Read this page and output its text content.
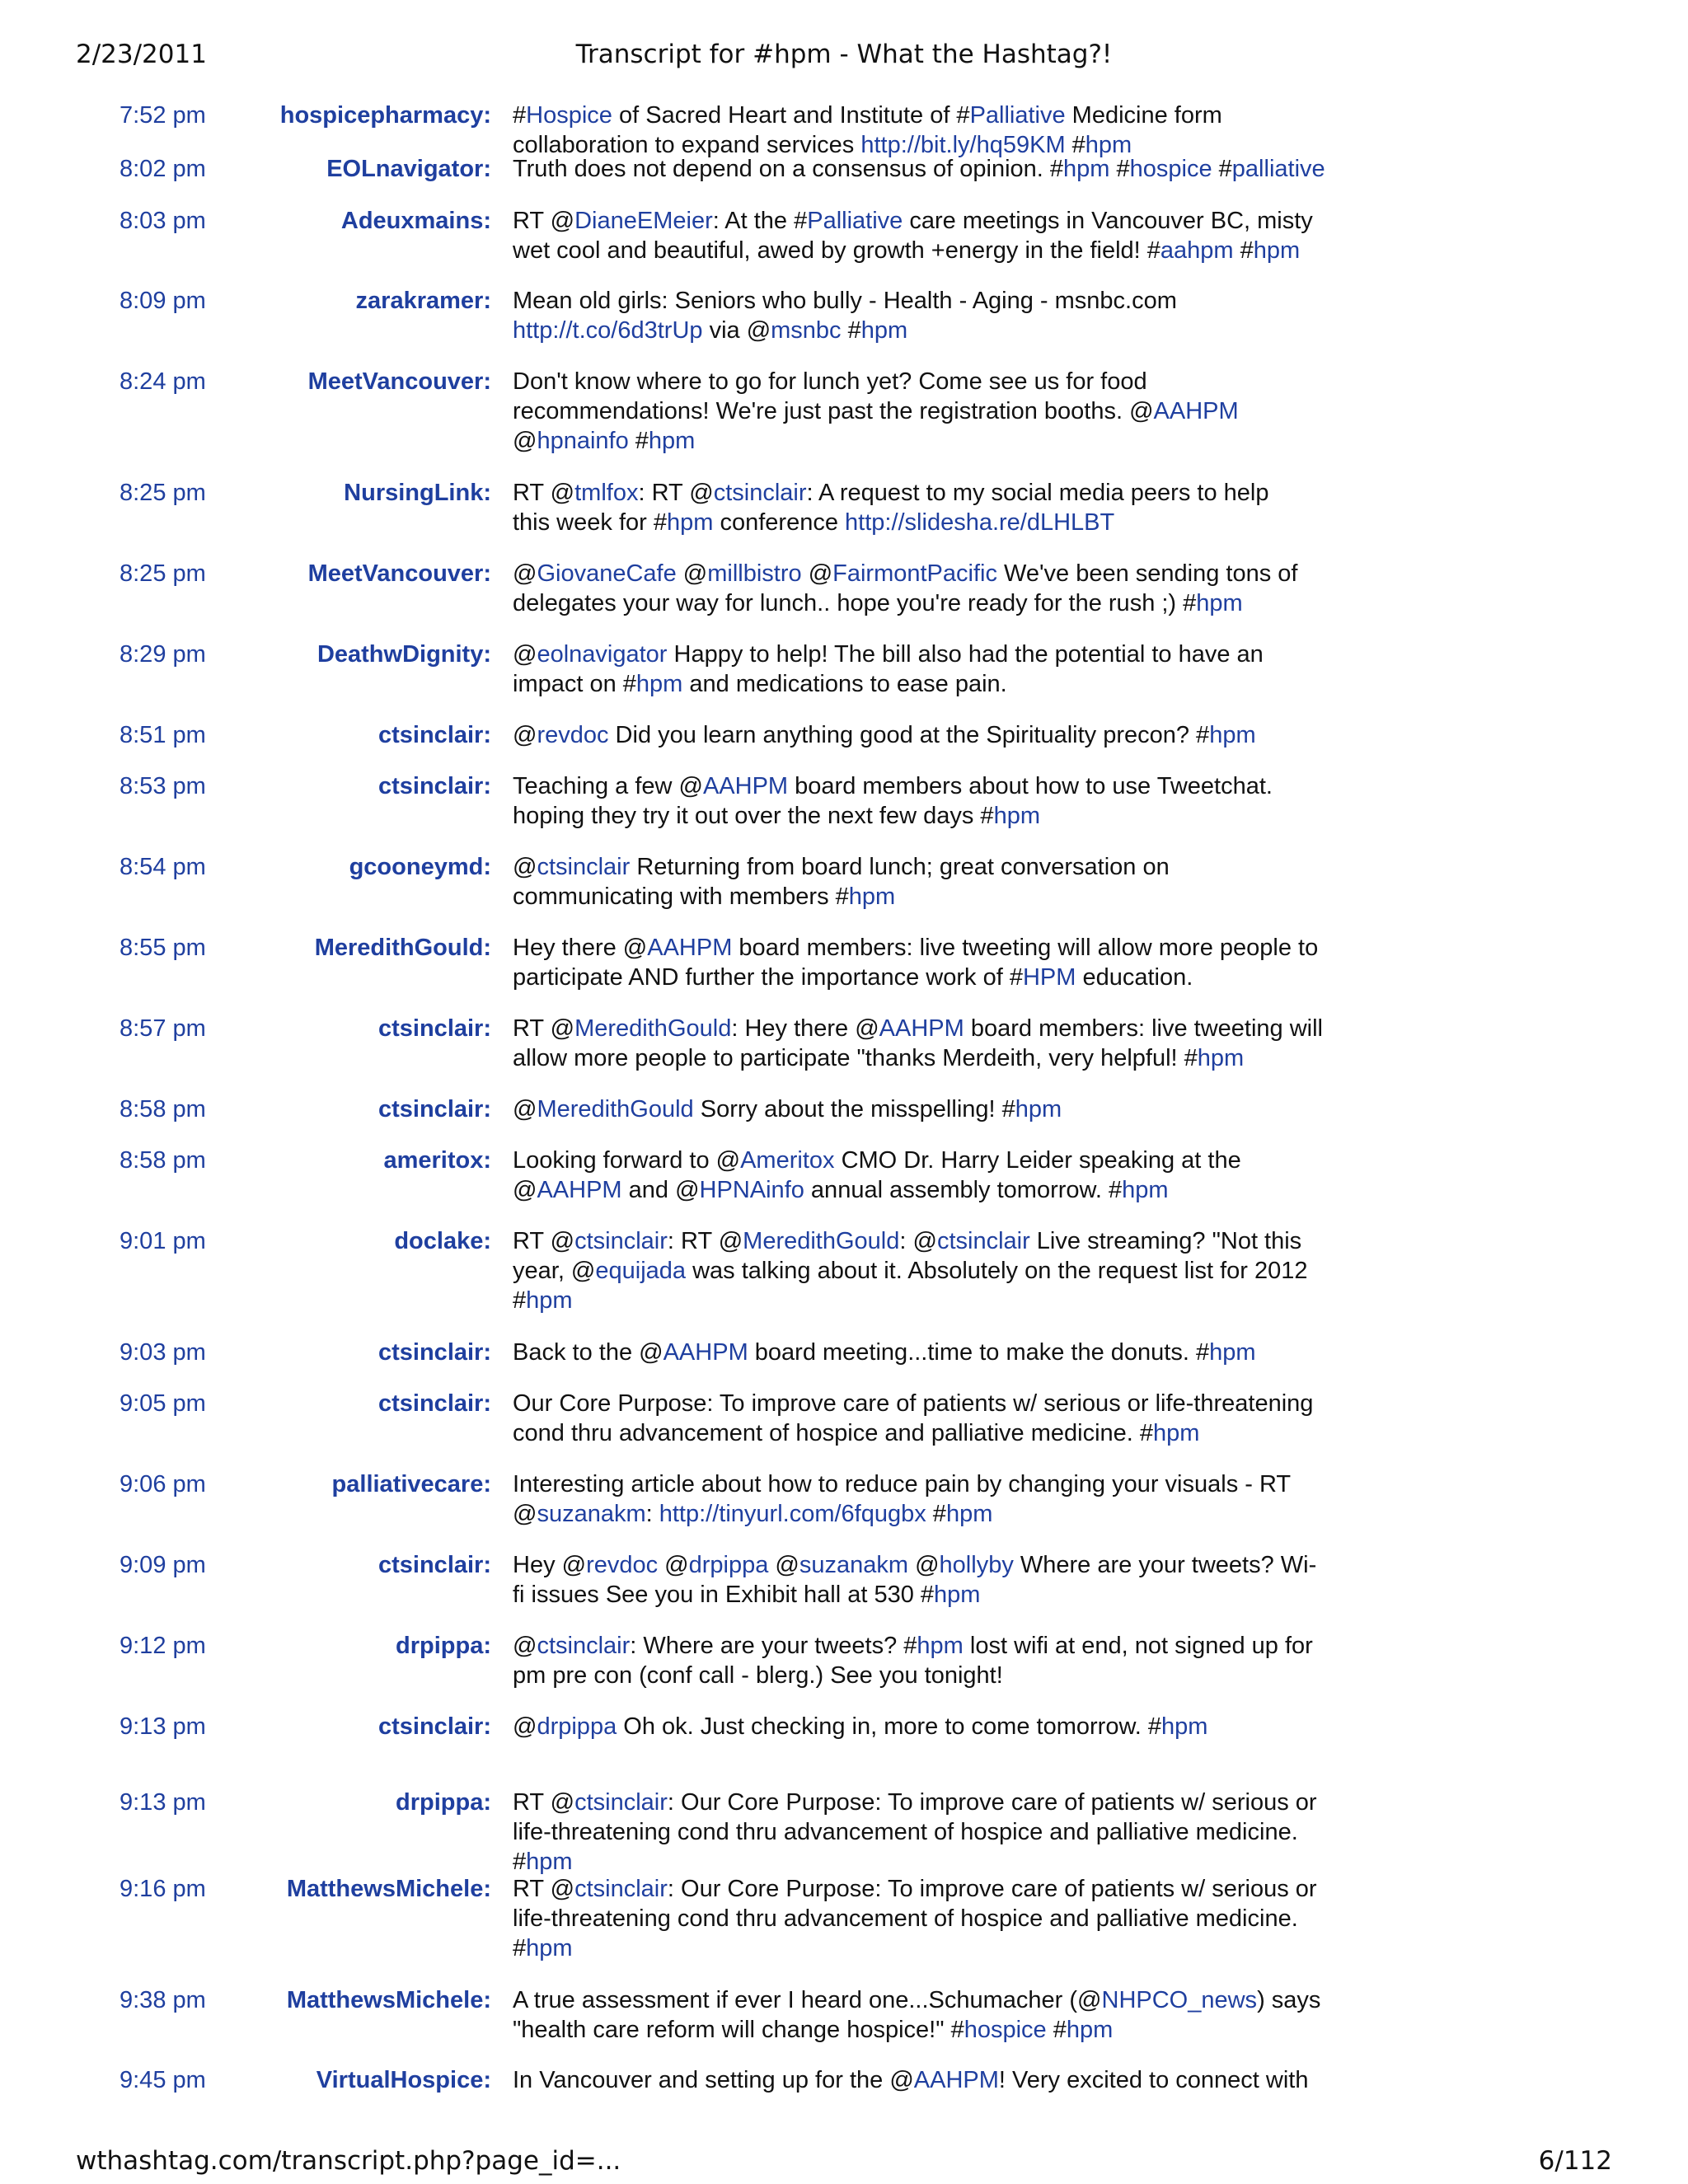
2/23/2011	Transcript for #hpm - What the Hashtag?!
7:52 pm	hospicepharmacy: #Hospice of Sacred Heart and Institute of #Palliative Medicine form
collaboration to expand services http://bit.ly/hq59KM #hpm
8:02 pm	EOLnavigator: Truth does not depend on a consensus of opinion. #hpm #hospice #palliative
8:03 pm	Adeuxmains: RT @DianeEMeier: At the #Palliative care meetings in Vancouver BC, misty
wet cool and beautiful, awed by growth +energy in the field! #aahpm #hpm
8:09 pm	zarakramer: Mean old girls: Seniors who bully - Health - Aging - msnbc.com
http://t.co/6d3trUp via @msnbc #hpm
8:24 pm	MeetVancouver: Don't know where to go for lunch yet? Come see us for food
recommendations! We're just past the registration booths. @AAHPM
@hpnainfo #hpm
8:25 pm	NursingLink: RT @tmlfox: RT @ctsinclair: A request to my social media peers to help
this week for #hpm conference http://slidesha.re/dLHLBT
8:25 pm	MeetVancouver: @GiovaneCafe @millbistro @FairmontPacific We've been sending tons of
delegates your way for lunch.. hope you're ready for the rush ;) #hpm
8:29 pm	DeathwDignity: @eolnavigator Happy to help! The bill also had the potential to have an
impact on #hpm and medications to ease pain.
8:51 pm	ctsinclair: @revdoc Did you learn anything good at the Spirituality precon? #hpm
8:53 pm	ctsinclair: Teaching a few @AAHPM board members about how to use Tweetchat.
hoping they try it out over the next few days #hpm
8:54 pm	gcooneymd: @ctsinclair Returning from board lunch; great conversation on
communicating with members #hpm
8:55 pm	MeredithGould: Hey there @AAHPM board members: live tweeting will allow more people to
participate AND further the importance work of #HPM education.
8:57 pm	ctsinclair: RT @MeredithGould: Hey there @AAHPM board members: live tweeting will
allow more people to participate "thanks Merdeith, very helpful! #hpm
8:58 pm	ctsinclair: @MeredithGould Sorry about the misspelling! #hpm
8:58 pm	ameritox: Looking forward to @Ameritox CMO Dr. Harry Leider speaking at the
@AAHPM and @HPNAinfo annual assembly tomorrow. #hpm
9:01 pm	doclake: RT @ctsinclair: RT @MeredithGould: @ctsinclair Live streaming? "Not this
year, @equijada was talking about it. Absolutely on the request list for 2012
#hpm
9:03 pm	ctsinclair: Back to the @AAHPM board meeting...time to make the donuts. #hpm
9:05 pm	ctsinclair: Our Core Purpose: To improve care of patients w/ serious or life-threatening
cond thru advancement of hospice and palliative medicine. #hpm
9:06 pm	palliativecare: Interesting article about how to reduce pain by changing your visuals - RT
@suzanakm: http://tinyurl.com/6fqugbx #hpm
9:09 pm	ctsinclair: Hey @revdoc @drpippa @suzanakm @hollyby Where are your tweets? Wi-
fi issues See you in Exhibit hall at 530 #hpm
9:12 pm	drpippa: @ctsinclair: Where are your tweets? #hpm lost wifi at end, not signed up for
pm pre con (conf call - blerg.) See you tonight!
9:13 pm	ctsinclair: @drpippa Oh ok. Just checking in, more to come tomorrow. #hpm
9:13 pm	drpippa: RT @ctsinclair: Our Core Purpose: To improve care of patients w/ serious or
life-threatening cond thru advancement of hospice and palliative medicine.
#hpm
9:16 pm	MatthewsMichele: RT @ctsinclair: Our Core Purpose: To improve care of patients w/ serious or
life-threatening cond thru advancement of hospice and palliative medicine.
#hpm
9:38 pm	MatthewsMichele: A true assessment if ever I heard one...Schumacher (@NHPCO_news) says
"health care reform will change hospice!" #hospice #hpm
9:45 pm	VirtualHospice: In Vancouver and setting up for the @AAHPM! Very excited to connect with
wthashtag.com/transcript.php?page_id=...	6/112
